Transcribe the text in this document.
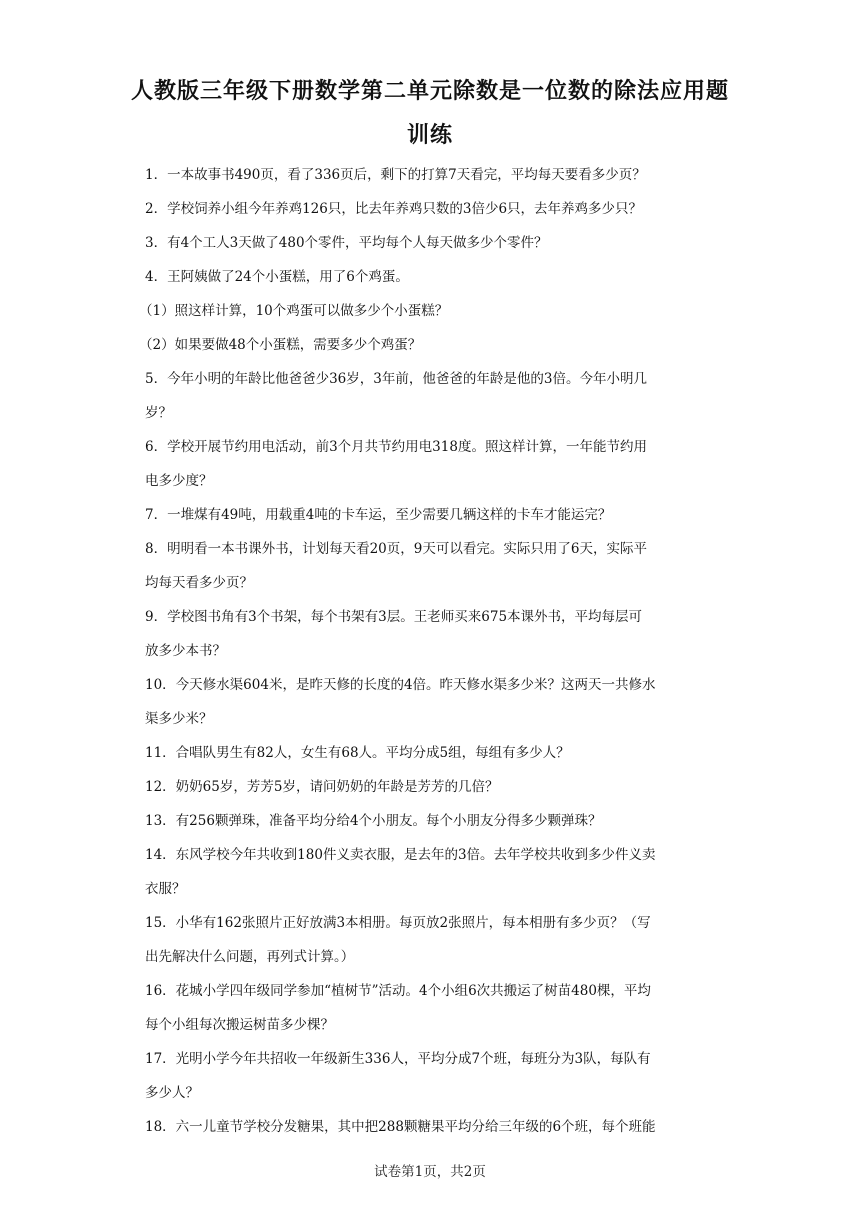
人教版三年级下册数学第二单元除数是一位数的除法应用题
训练
1．一本故事书490页，看了336页后，剩下的打算7天看完，平均每天要看多少页？
2．学校饲养小组今年养鸡126只，比去年养鸡只数的3倍少6只，去年养鸡多少只？
3．有4个工人3天做了480个零件，平均每个人每天做多少个零件？
4．王阿姨做了24个小蛋糕，用了6个鸡蛋。
（1）照这样计算，10个鸡蛋可以做多少个小蛋糕？
（2）如果要做48个小蛋糕，需要多少个鸡蛋？
5．今年小明的年龄比他爸爸少36岁，3年前，他爸爸的年龄是他的3倍。今年小明几
岁？
6．学校开展节约用电活动，前3个月共节约用电318度。照这样计算，一年能节约用
电多少度？
7．一堆煤有49吨，用载重4吨的卡车运，至少需要几辆这样的卡车才能运完？
8．明明看一本书课外书，计划每天看20页，9天可以看完。实际只用了6天，实际平
均每天看多少页？
9．学校图书角有3个书架，每个书架有3层。王老师买来675本课外书，平均每层可
放多少本书？
10．今天修水渠604米，是昨天修的长度的4倍。昨天修水渠多少米？这两天一共修水
渠多少米？
11．合唱队男生有82人，女生有68人。平均分成5组，每组有多少人？
12．奶奶65岁，芳芳5岁，请问奶奶的年龄是芳芳的几倍？
13．有256颗弹珠，准备平均分给4个小朋友。每个小朋友分得多少颗弹珠？
14．东风学校今年共收到180件义卖衣服，是去年的3倍。去年学校共收到多少件义卖
衣服？
15．小华有162张照片正好放满3本相册。每页放2张照片，每本相册有多少页？（写
出先解决什么问题，再列式计算。）
16．花城小学四年级同学参加“植树节”活动。4个小组6次共搬运了树苗480棵，平均
每个小组每次搬运树苗多少棵？
17．光明小学今年共招收一年级新生336人，平均分成7个班，每班分为3队，每队有
多少人？
18．六一儿童节学校分发糖果，其中把288颗糖果平均分给三年级的6个班，每个班能
试卷第1页，共2页
